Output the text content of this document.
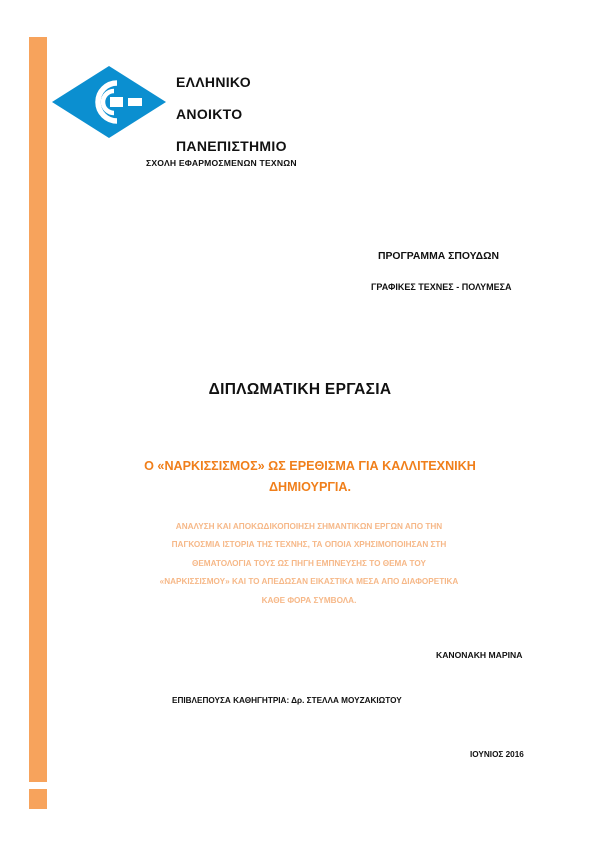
ΕΛΛΗΝΙΚΟ
ΑΝΟΙΚΤΟ
ΠΑΝΕΠΙΣΤΗΜΙΟ
ΣΧΟΛΗ ΕΦΑΡΜΟΣΜΕΝΩΝ ΤΕΧΝΩΝ
ΠΡΟΓΡΑΜΜΑ ΣΠΟΥΔΩΝ
ΓΡΑΦΙΚΕΣ ΤΕΧΝΕΣ - ΠΟΛΥΜΕΣΑ
ΔΙΠΛΩΜΑΤΙΚΗ ΕΡΓΑΣΙΑ
Ο «ΝΑΡΚΙΣΣΙΣΜΟΣ» ΩΣ ΕΡΕΘΙΣΜΑ ΓΙΑ ΚΑΛΛΙΤΕΧΝΙΚΗ
ΔΗΜΙΟΥΡΓΙΑ.
ΑΝΑΛΥΣΗ ΚΑΙ ΑΠΟΚΩΔΙΚΟΠΟΙΗΣΗ ΣΗΜΑΝΤΙΚΩΝ ΕΡΓΩΝ ΑΠΟ ΤΗΝ
ΠΑΓΚΟΣΜΙΑ ΙΣΤΟΡΙΑ ΤΗΣ ΤΕΧΝΗΣ, ΤΑ ΟΠΟΙΑ ΧΡΗΣΙΜΟΠΟΙΗΣΑΝ ΣΤΗ
ΘΕΜΑΤΟΛΟΓΙΑ ΤΟΥΣ ΩΣ ΠΗΓΗ ΕΜΠΝΕΥΣΗΣ ΤΟ ΘΕΜΑ ΤΟΥ
«ΝΑΡΚΙΣΣΙΣΜΟΥ» ΚΑΙ ΤΟ ΑΠΕΔΩΣΑΝ ΕΙΚΑΣΤΙΚΑ ΜΕΣΑ ΑΠΟ ΔΙΑΦΟΡΕΤΙΚΑ
ΚΑΘΕ ΦΟΡΑ ΣΥΜΒΟΛΑ.
ΚΑΝΟΝΑΚΗ ΜΑΡΙΝΑ
ΕΠΙΒΛΕΠΟΥΣΑ ΚΑΘΗΓΗΤΡΙΑ: Δρ. ΣΤΕΛΛΑ ΜΟΥΖΑΚΙΩΤΟΥ
ΙΟΥΝΙΟΣ 2016
